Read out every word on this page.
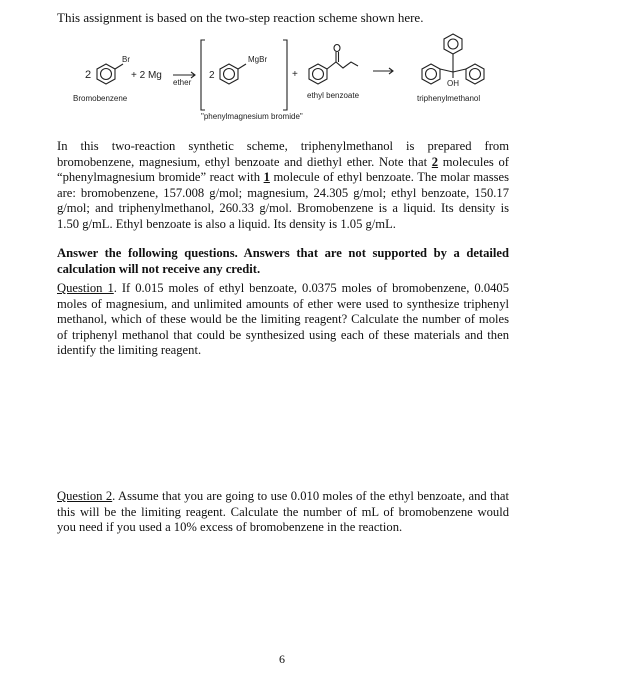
This assignment is based on the two-step reaction scheme shown here.
2
Br
+ 2 Mg
ether
2
MgBr
+
OH
Bromobenzene
"phenylmagnesium bromide"
ethyl benzoate	triphenylmethanol

In this two-reaction synthetic scheme, triphenylmethanol is prepared from bromobenzene, magnesium, ethyl benzoate and diethyl ether. Note that 2 molecules of “phenylmagnesium bromide” react with 1 molecule of ethyl benzoate. The molar masses are: bromobenzene, 157.008 g/mol; magnesium, 24.305 g/mol; ethyl benzoate, 150.17 g/mol; and triphenylmethanol, 260.33 g/mol. Bromobenzene is a liquid. Its density is 1.50 g/mL. Ethyl benzoate is also a liquid. Its density is 1.05 g/mL.

Answer the following questions. Answers that are not supported by a detailed calculation will not receive any credit.

Question 1. If 0.015 moles of ethyl benzoate, 0.0375 moles of bromobenzene, 0.0405 moles of magnesium, and unlimited amounts of ether were used to synthesize triphenyl methanol, which of these would be the limiting reagent? Calculate the number of moles of triphenyl methanol that could be synthesized using each of these materials and then identify the limiting reagent.

Question 2. Assume that you are going to use 0.010 moles of the ethyl benzoate, and that this will be the limiting reagent. Calculate the number of mL of bromobenzene would you need if you used a 10% excess of bromobenzene in the reaction.

6
